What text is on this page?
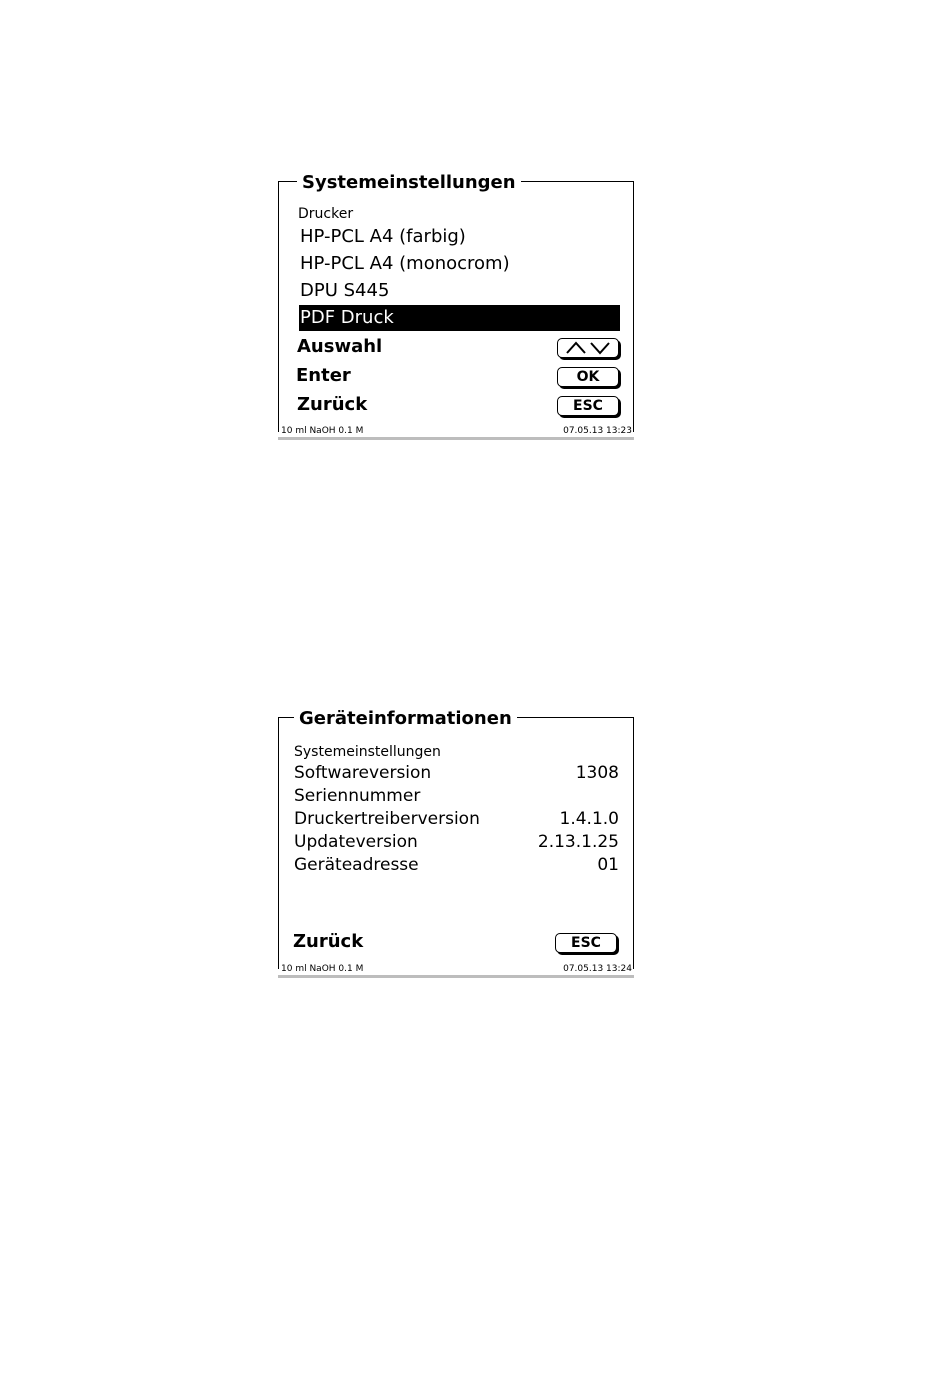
Systemeinstellungen
Drucker
HP-PCL A4 (farbig)
HP-PCL A4 (monocrom)
DPU S445
PDF Druck
Auswahl
Enter	OK
Zurück	ESC
10 ml NaOH 0.1 M	07.05.13 13:23
Geräteinformationen
Systemeinstellungen
Softwareversion	1308
Seriennummer
Druckertreiberversion	1.4.1.0
Updateversion	2.13.1.25
Geräteadresse	01
Zurück	ESC
10 ml NaOH 0.1 M	07.05.13 13:24
